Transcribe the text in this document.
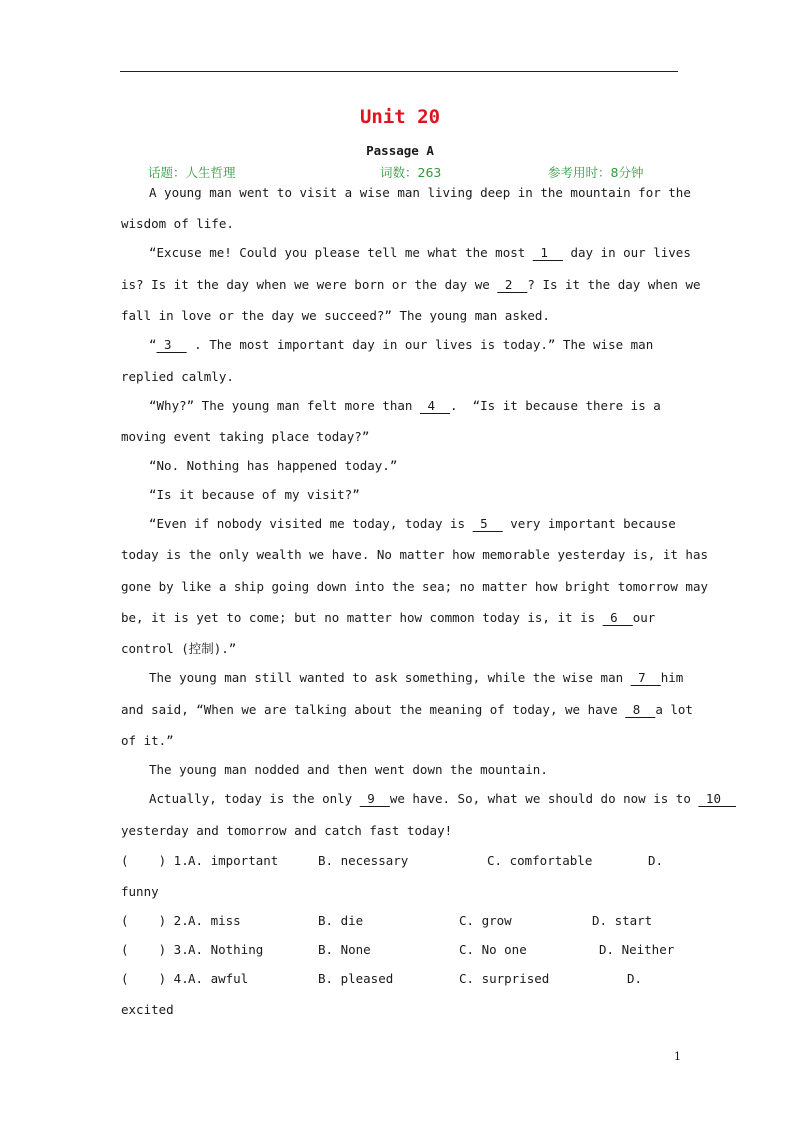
Unit 20
Passage A
话题：人生哲理	词数：263	参考用时：8分钟
A young man went to visit a wise man living deep in the mountain for the
wisdom of life.
“Excuse me! Could you please tell me what the most  1   day in our lives
is? Is it the day when we were born or the day we  2  ? Is it the day when we
fall in love or the day we succeed?” The young man asked.
“ 3   . The most important day in our lives is today.” The wise man
replied calmly.
“Why?” The young man felt more than  4  .  “Is it because there is a
moving event taking place today?”
“No. Nothing has happened today.”
“Is it because of my visit?”
“Even if nobody visited me today, today is  5   very important because
today is the only wealth we have. No matter how memorable yesterday is, it has
gone by like a ship going down into the sea; no matter how bright tomorrow may
be, it is yet to come; but no matter how common today is, it is  6  our
control (控制).”
The young man still wanted to ask something, while the wise man  7  him
and said, “When we are talking about the meaning of today, we have  8  a lot
of it.”
The young man nodded and then went down the mountain.
Actually, today is the only  9  we have. So, what we should do now is to  10
yesterday and tomorrow and catch fast today!
(    ) 1. A. important	B. necessary	C. comfortable	D.
funny
(    ) 2. A. miss	B. die	C. grow	D. start
(    ) 3. A. Nothing	B. None	C. No one	D. Neither
(    ) 4. A. awful	B. pleased	C. surprised	D.
excited
1
